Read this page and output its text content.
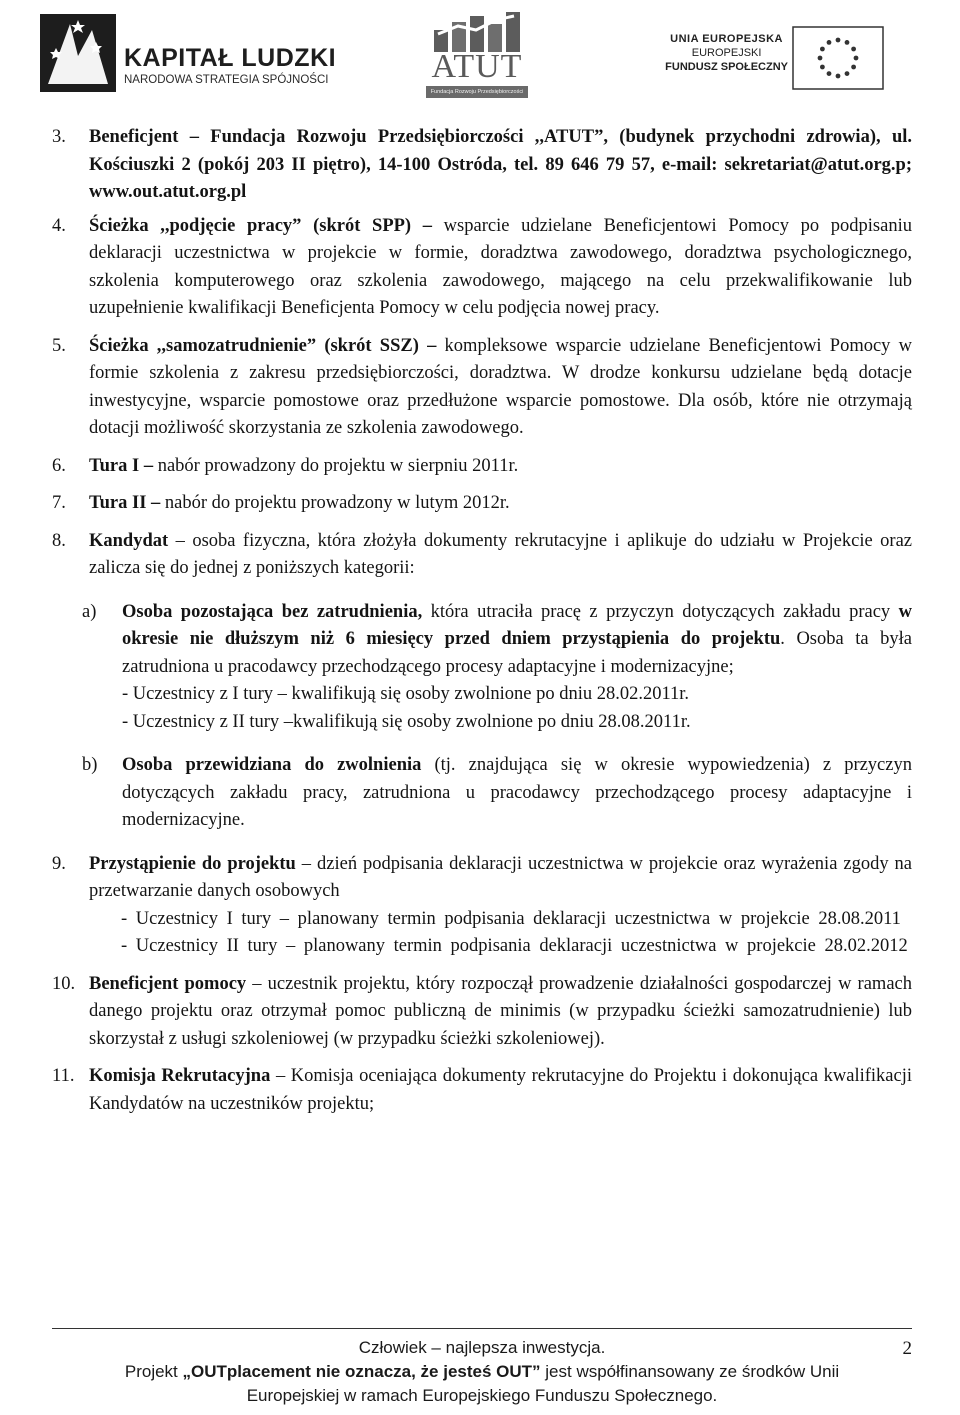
KAPITAŁ LUDZKI
NARODOWA STRATEGIA SPÓJNOŚCI	ATUT
Fundacja Rozwoju Przedsiębiorczości
UNIA EUROPEJSKA
EUROPEJSKI
FUNDUSZ SPOŁECZNY

3. Beneficjent – Fundacja Rozwoju Przedsiębiorczości ,,ATUT”, (budynek przychodni zdrowia), ul. Kościuszki 2 (pokój 203 II piętro), 14-100 Ostróda, tel. 89 646 79 57, e-mail: sekretariat@atut.org.p; www.out.atut.org.pl

4. Ścieżka ,,podjęcie pracy” (skrót SPP) – wsparcie udzielane Beneficjentowi Pomocy po podpisaniu deklaracji uczestnictwa w projekcie w formie, doradztwa zawodowego, doradztwa psychologicznego, szkolenia komputerowego oraz szkolenia zawodowego, mającego na celu przekwalifikowanie lub uzupełnienie kwalifikacji Beneficjenta Pomocy w celu podjęcia nowej pracy.

5. Ścieżka ,,samozatrudnienie” (skrót SSZ) – kompleksowe wsparcie udzielane Beneficjentowi Pomocy w formie szkolenia z zakresu przedsiębiorczości, doradztwa. W drodze konkursu udzielane będą dotacje inwestycyjne, wsparcie pomostowe oraz przedłużone wsparcie pomostowe. Dla osób, które nie otrzymają dotacji możliwość skorzystania ze szkolenia zawodowego.

6. Tura I – nabór prowadzony do projektu w sierpniu 2011r.

7. Tura II – nabór do projektu prowadzony w lutym 2012r.

8. Kandydat – osoba fizyczna, która złożyła dokumenty rekrutacyjne i aplikuje do udziału w Projekcie oraz zalicza się do jednej z poniższych kategorii:

a) Osoba pozostająca bez zatrudnienia, która utraciła pracę z przyczyn dotyczących zakładu pracy w okresie nie dłuższym niż 6 miesięcy przed dniem przystąpienia do projektu. Osoba ta była zatrudniona u pracodawcy przechodzącego procesy adaptacyjne i modernizacyjne;

- Uczestnicy z I tury – kwalifikują się osoby zwolnione po dniu 28.02.2011r.

- Uczestnicy z II tury –kwalifikują się osoby zwolnione po dniu 28.08.2011r.

b) Osoba przewidziana do zwolnienia (tj. znajdująca się w okresie wypowiedzenia) z przyczyn dotyczących zakładu pracy, zatrudniona u pracodawcy przechodzącego procesy adaptacyjne i modernizacyjne.

9. Przystąpienie do projektu – dzień podpisania deklaracji uczestnictwa w projekcie oraz wyrażenia zgody na przetwarzanie danych osobowych

- Uczestnicy I tury – planowany termin podpisania deklaracji uczestnictwa w projekcie 28.08.2011

- Uczestnicy II tury – planowany termin podpisania deklaracji uczestnictwa w projekcie 28.02.2012

10. Beneficjent pomocy – uczestnik projektu, który rozpoczął prowadzenie działalności gospodarczej w ramach danego projektu oraz otrzymał pomoc publiczną de minimis (w przypadku ścieżki samozatrudnienie) lub skorzystał z usługi szkoleniowej (w przypadku ścieżki szkoleniowej).

11. Komisja Rekrutacyjna – Komisja oceniająca dokumenty rekrutacyjne do Projektu i dokonująca kwalifikacji Kandydatów na uczestników projektu;

Człowiek – najlepsza inwestycja.
Projekt „OUTplacement nie oznacza, że jesteś OUT” jest współfinansowany ze środków Unii
Europejskiej w ramach Europejskiego Funduszu Społecznego.
2
